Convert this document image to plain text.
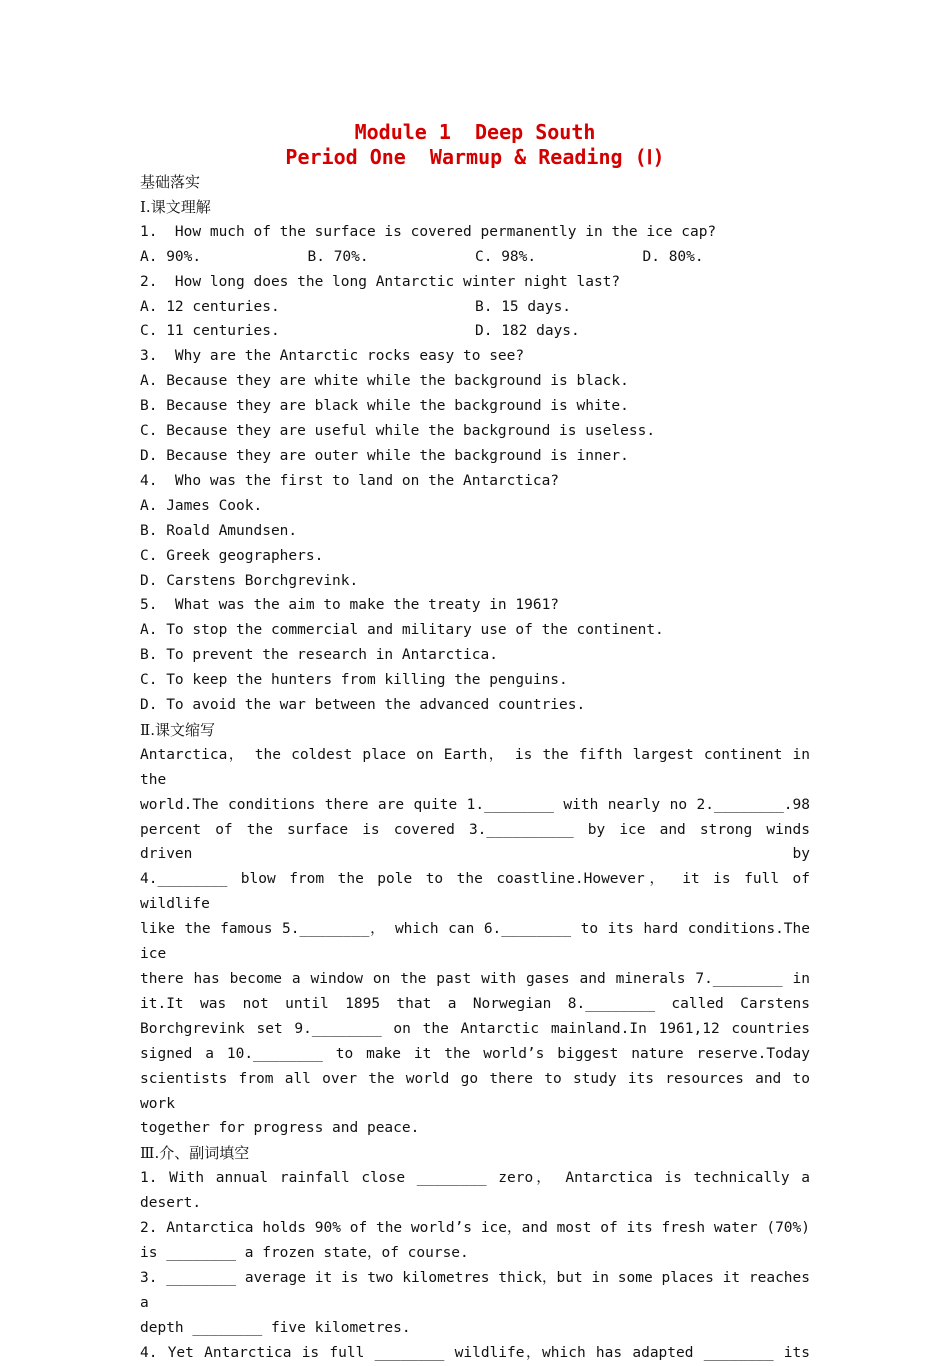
Module 1  Deep South
Period One  Warmup & Reading (Ⅰ)
基础落实
Ⅰ.课文理解
1.  How much of the surface is covered permanently in the ice cap?
A. 90%.	B. 70%.	C. 98%.	D. 80%.
2.  How long does the long Antarctic winter night last?
A. 12 centuries.	B. 15 days.
C. 11 centuries.	D. 182 days.
3.  Why are the Antarctic rocks easy to see?
A. Because they are white while the background is black.
B. Because they are black while the background is white.
C. Because they are useful while the background is useless.
D. Because they are outer while the background is inner.
4.  Who was the first to land on the Antarctica?
A. James Cook.
B. Roald Amundsen.
C. Greek geographers.
D. Carstens Borchgrevink.
5.  What was the aim to make the treaty in 1961?
A. To stop the commercial and military use of the continent.
B. To prevent the research in Antarctica.
C. To keep the hunters from killing the penguins.
D. To avoid the war between the advanced countries.
Ⅱ.课文缩写
Antarctica， the coldest place on Earth， is the fifth largest continent in the
world.The conditions there are quite 1.________ with nearly no 2.________.98
percent of the surface is covered 3.__________ by ice and strong winds driven by
4.________ blow from the pole to the coastline.However， it is full of wildlife
like the famous 5.________， which can 6.________ to its hard conditions.The ice
there has become a window on the past with gases and minerals 7.________ in
it.It was not until 1895 that a Norwegian 8.________ called Carstens
Borchgrevink set 9.________ on the Antarctic mainland.In 1961,12 countries
signed a 10.________ to make it the world’s biggest nature reserve.Today
scientists from all over the world go there to study its resources and to work
together for progress and peace.
Ⅲ.介、副词填空
1. With annual rainfall close ________ zero， Antarctica is technically a
desert.
2. Antarctica holds 90% of the world’s ice，and most of its fresh water (70%)
is ________ a frozen state，of course.
3. ________ average it is two kilometres thick，but in some places it reaches a
depth ________ five kilometres.
4. Yet Antarctica is full ________ wildlife，which has adapted ________ its
